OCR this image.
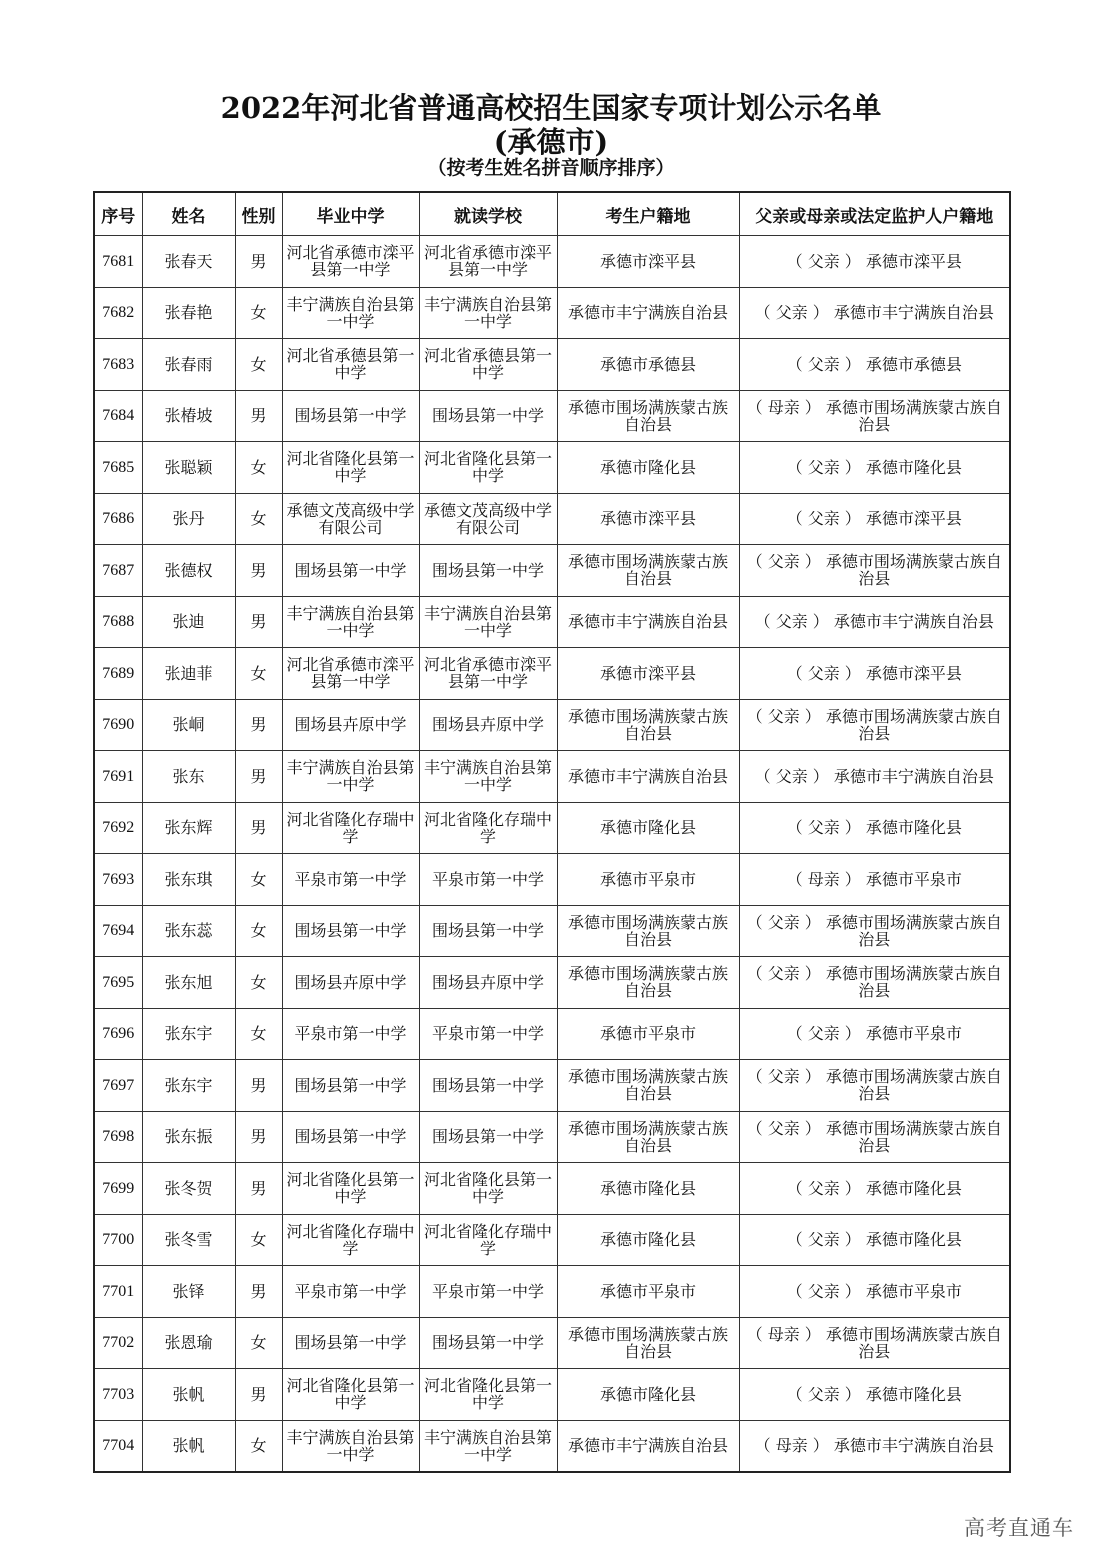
2022年河北省普通高校招生国家专项计划公示名单
(承德市)
（按考生姓名拼音顺序排序）
序号	姓名	性别	毕业中学	就读学校	考生户籍地	父亲或母亲或法定监护人户籍地
7681	张春天	男	河北省承德市滦平县第一中学	河北省承德市滦平县第一中学	承德市滦平县	（ 父亲 ） 承德市滦平县
7682	张春艳	女	丰宁满族自治县第一中学	丰宁满族自治县第一中学	承德市丰宁满族自治县	（ 父亲 ） 承德市丰宁满族自治县
7683	张春雨	女	河北省承德县第一中学	河北省承德县第一中学	承德市承德县	（ 父亲 ） 承德市承德县
7684	张椿坡	男	围场县第一中学	围场县第一中学	承德市围场满族蒙古族自治县	（ 母亲 ） 承德市围场满族蒙古族自治县
7685	张聪颖	女	河北省隆化县第一中学	河北省隆化县第一中学	承德市隆化县	（ 父亲 ） 承德市隆化县
7686	张丹	女	承德文茂高级中学有限公司	承德文茂高级中学有限公司	承德市滦平县	（ 父亲 ） 承德市滦平县
7687	张德权	男	围场县第一中学	围场县第一中学	承德市围场满族蒙古族自治县	（ 父亲 ） 承德市围场满族蒙古族自治县
7688	张迪	男	丰宁满族自治县第一中学	丰宁满族自治县第一中学	承德市丰宁满族自治县	（ 父亲 ） 承德市丰宁满族自治县
7689	张迪菲	女	河北省承德市滦平县第一中学	河北省承德市滦平县第一中学	承德市滦平县	（ 父亲 ） 承德市滦平县
7690	张峒	男	围场县卉原中学	围场县卉原中学	承德市围场满族蒙古族自治县	（ 父亲 ） 承德市围场满族蒙古族自治县
7691	张东	男	丰宁满族自治县第一中学	丰宁满族自治县第一中学	承德市丰宁满族自治县	（ 父亲 ） 承德市丰宁满族自治县
7692	张东辉	男	河北省隆化存瑞中学	河北省隆化存瑞中学	承德市隆化县	（ 父亲 ） 承德市隆化县
7693	张东琪	女	平泉市第一中学	平泉市第一中学	承德市平泉市	（ 母亲 ） 承德市平泉市
7694	张东蕊	女	围场县第一中学	围场县第一中学	承德市围场满族蒙古族自治县	（ 父亲 ） 承德市围场满族蒙古族自治县
7695	张东旭	女	围场县卉原中学	围场县卉原中学	承德市围场满族蒙古族自治县	（ 父亲 ） 承德市围场满族蒙古族自治县
7696	张东宇	女	平泉市第一中学	平泉市第一中学	承德市平泉市	（ 父亲 ） 承德市平泉市
7697	张东宇	男	围场县第一中学	围场县第一中学	承德市围场满族蒙古族自治县	（ 父亲 ） 承德市围场满族蒙古族自治县
7698	张东振	男	围场县第一中学	围场县第一中学	承德市围场满族蒙古族自治县	（ 父亲 ） 承德市围场满族蒙古族自治县
7699	张冬贺	男	河北省隆化县第一中学	河北省隆化县第一中学	承德市隆化县	（ 父亲 ） 承德市隆化县
7700	张冬雪	女	河北省隆化存瑞中学	河北省隆化存瑞中学	承德市隆化县	（ 父亲 ） 承德市隆化县
7701	张铎	男	平泉市第一中学	平泉市第一中学	承德市平泉市	（ 父亲 ） 承德市平泉市
7702	张恩瑜	女	围场县第一中学	围场县第一中学	承德市围场满族蒙古族自治县	（ 母亲 ） 承德市围场满族蒙古族自治县
7703	张帆	男	河北省隆化县第一中学	河北省隆化县第一中学	承德市隆化县	（ 父亲 ） 承德市隆化县
7704	张帆	女	丰宁满族自治县第一中学	丰宁满族自治县第一中学	承德市丰宁满族自治县	（ 母亲 ） 承德市丰宁满族自治县
高考直通车
